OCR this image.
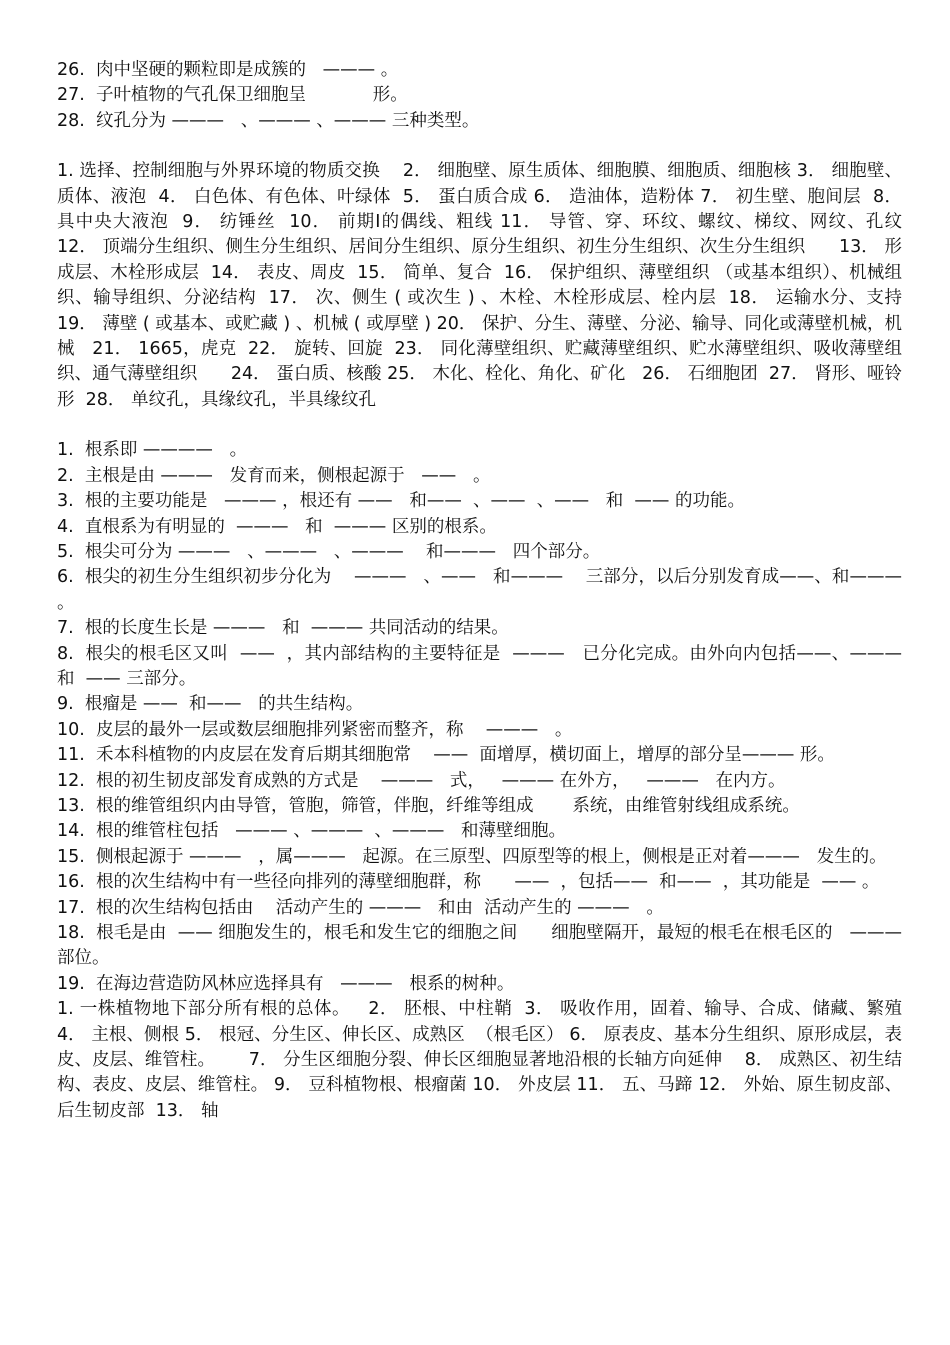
26.  肉中坚硬的颗粒即是成簇的   ——— 。

27.  子叶植物的气孔保卫细胞呈            形。

28.  纹孔分为 ———   、——— 、——— 三种类型。

1. 选择、控制细胞与外界环境的物质交换    2． 细胞壁、原生质体、细胞膜、细胞质、细胞核 3． 细胞壁、质体、液泡  4． 白色体、有色体、叶绿体  5． 蛋白质合成 6． 造油体，造粉体 7． 初生壁、胞间层  8． 具中央大液泡  9． 纺锤丝  10． 前期Ⅰ的偶线、粗线 11． 导管、穿、环纹、螺纹、梯纹、网纹、孔纹    12． 顶端分生组织、侧生分生组织、居间分生组织、原分生组织、初生分生组织、次生分生组织      13． 形成层、木栓形成层  14． 表皮、周皮  15． 简单、复合  16． 保护组织、薄壁组织 （或基本组织）、机械组织、输导组织、分泌结构  17． 次、侧生 ( 或次生 ) 、木栓、木栓形成层、栓内层  18． 运输水分、支持  19． 薄壁 ( 或基本、或贮藏 ) 、机械 ( 或厚壁 ) 20． 保护、分生、薄壁、分泌、输导、同化或薄壁机械，机械   21． 1665，虎克  22． 旋转、回旋  23． 同化薄壁组织、贮藏薄壁组织、贮水薄壁组织、吸收薄壁组织、通气薄壁组织      24． 蛋白质、核酸 25． 木化、栓化、角化、矿化   26． 石细胞团  27． 肾形、哑铃形  28． 单纹孔，具缘纹孔，半具缘纹孔

1.  根系即 ————   。

2.  主根是由 ———   发育而来，侧根起源于   ——   。

3.  根的主要功能是   ——— ，根还有 ——   和——  、——  、——   和  —— 的功能。

4.  直根系为有明显的  ———   和  ——— 区别的根系。

5.  根尖可分为 ———   、———   、———    和———   四个部分。

6.  根尖的初生分生组织初步分化为    ———   、——   和———    三部分，以后分别发育成——、和———   。

7.  根的长度生长是 ———   和  ——— 共同活动的结果。

8.  根尖的根毛区又叫  ——  ，其内部结构的主要特征是  ———   已分化完成。由外向内包括——、———   和  —— 三部分。

9.  根瘤是 ——  和——   的共生结构。

10.  皮层的最外一层或数层细胞排列紧密而整齐，称    ———   。

11.  禾本科植物的内皮层在发育后期其细胞常    ——  面增厚，横切面上，增厚的部分呈——— 形。

12.  根的初生韧皮部发育成熟的方式是    ———   式，   ——— 在外方，   ———   在内方。

13.  根的维管组织内由导管，管胞，筛管，伴胞，纤维等组成       系统，由维管射线组成系统。

14.  根的维管柱包括   ——— 、———  、———   和薄壁细胞。

15.  侧根起源于 ———   ，属———   起源。在三原型、四原型等的根上，侧根是正对着———   发生的。

16.  根的次生结构中有一些径向排列的薄壁细胞群，称      ——  ，包括——  和——  ，其功能是  —— 。

17.  根的次生结构包括由    活动产生的 ———   和由  活动产生的 ———   。

18.  根毛是由  —— 细胞发生的，根毛和发生它的细胞之间      细胞壁隔开，最短的根毛在根毛区的   ——— 部位。

19.  在海边营造防风林应选择具有   ———   根系的树种。

1. 一株植物地下部分所有根的总体。   2． 胚根、中柱鞘  3． 吸收作用，固着、输导、合成、储藏、繁殖  4． 主根、侧根 5． 根冠、分生区、伸长区、成熟区  （根毛区） 6． 原表皮、基本分生组织、原形成层，表皮、皮层、维管柱。      7． 分生区细胞分裂、伸长区细胞显著地沿根的长轴方向延伸    8． 成熟区、初生结构、表皮、皮层、维管柱。 9． 豆科植物根、根瘤菌 10． 外皮层 11． 五、马蹄 12． 外始、原生韧皮部、后生韧皮部  13． 轴
